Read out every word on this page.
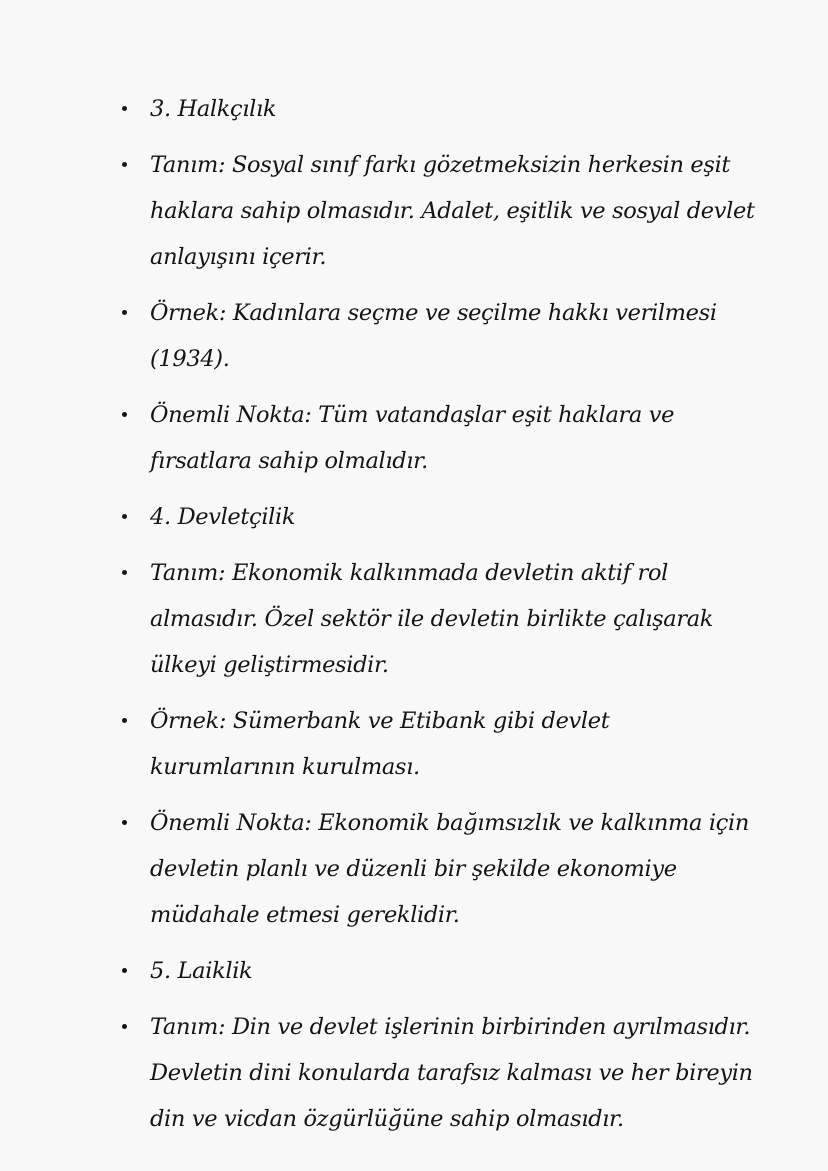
3. Halkçılık
Tanım: Sosyal sınıf farkı gözetmeksizin herkesin eşit haklara sahip olmasıdır. Adalet, eşitlik ve sosyal devlet anlayışını içerir.
Örnek: Kadınlara seçme ve seçilme hakkı verilmesi (1934).
Önemli Nokta: Tüm vatandaşlar eşit haklara ve fırsatlara sahip olmalıdır.
4. Devletçilik
Tanım: Ekonomik kalkınmada devletin aktif rol almasıdır. Özel sektör ile devletin birlikte çalışarak ülkeyi geliştirmesidir.
Örnek: Sümerbank ve Etibank gibi devlet kurumlarının kurulması.
Önemli Nokta: Ekonomik bağımsızlık ve kalkınma için devletin planlı ve düzenli bir şekilde ekonomiye müdahale etmesi gereklidir.
5. Laiklik
Tanım: Din ve devlet işlerinin birbirinden ayrılmasıdır. Devletin dini konularda tarafsız kalması ve her bireyin din ve vicdan özgürlüğüne sahip olmasıdır.
